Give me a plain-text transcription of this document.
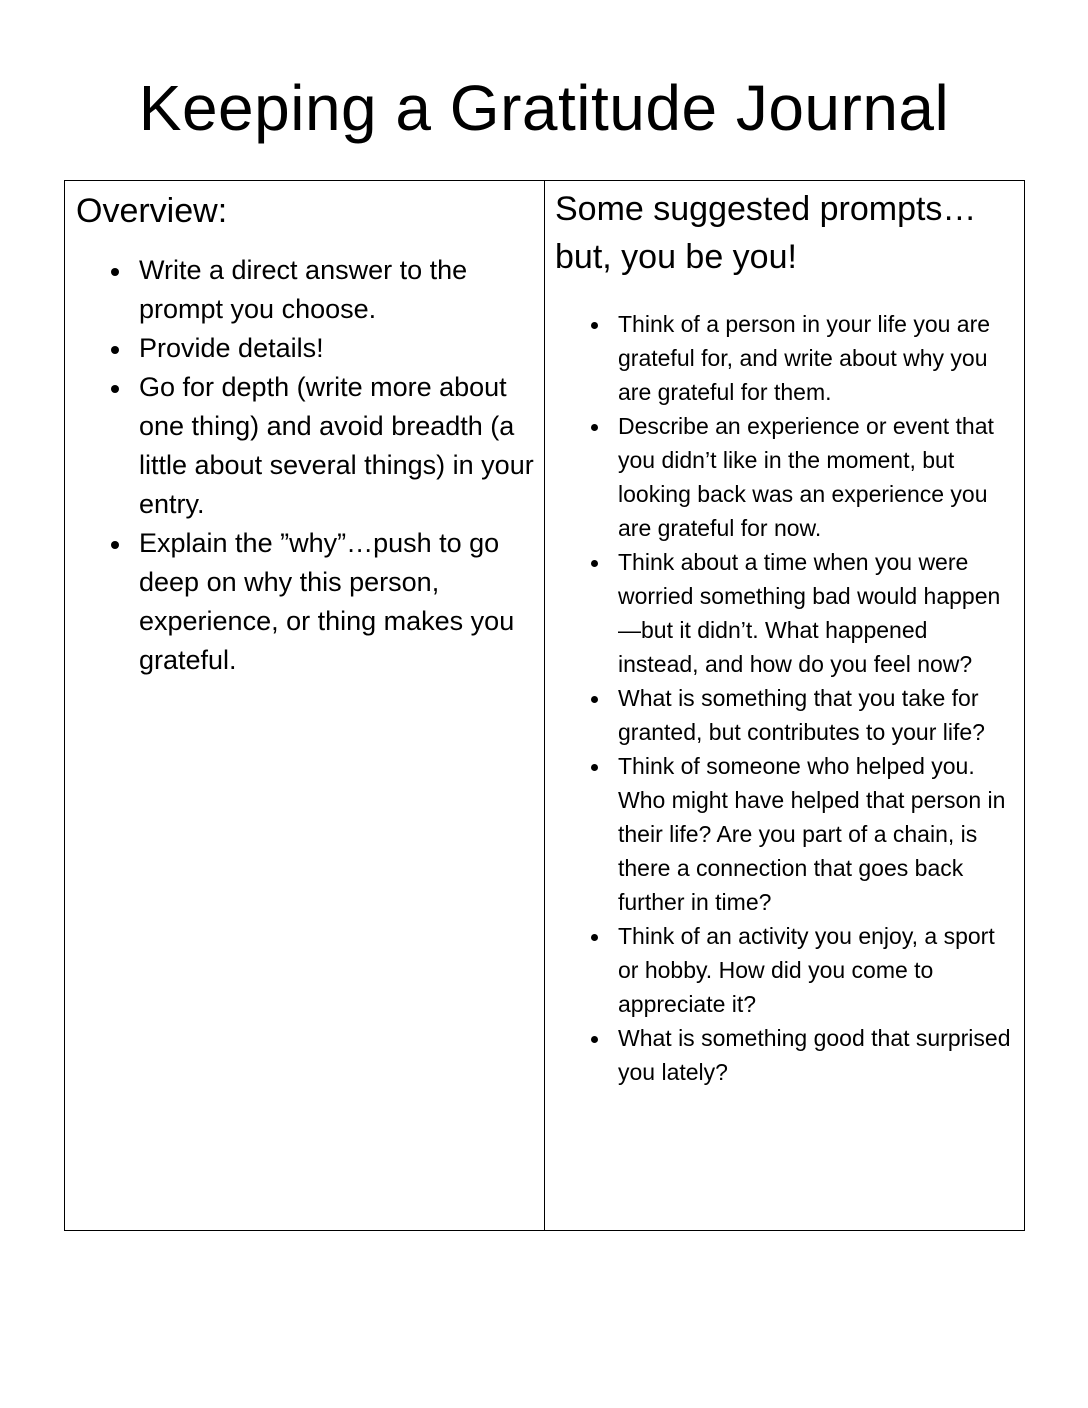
Keeping a Gratitude Journal
Overview:
Write a direct answer to the prompt you choose.
Provide details!
Go for depth (write more about one thing) and avoid breadth (a little about several things) in your entry.
Explain the ”why”…push to go deep on why this person, experience, or thing makes you grateful.
Some suggested prompts…but, you be you!
Think of a person in your life you are grateful for, and write about why you are grateful for them.
Describe an experience or event that you didn’t like in the moment, but looking back was an experience you are grateful for now.
Think about a time when you were worried something bad would happen—but it didn’t. What happened instead, and how do you feel now?
What is something that you take for granted, but contributes to your life?
Think of someone who helped you. Who might have helped that person in their life? Are you part of a chain, is there a connection that goes back further in time?
Think of an activity you enjoy, a sport or hobby. How did you come to appreciate it?
What is something good that surprised you lately?
